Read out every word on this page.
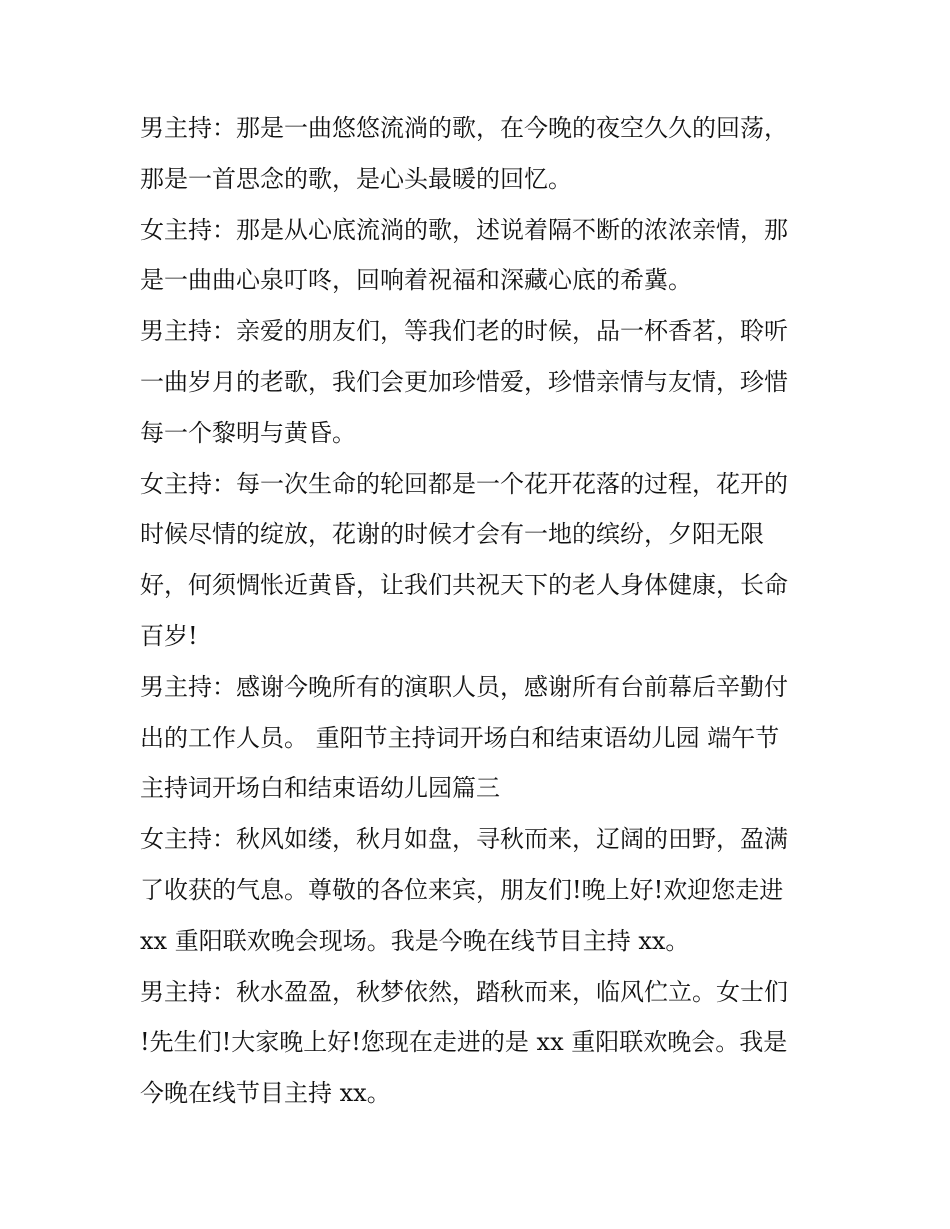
男主持：那是一曲悠悠流淌的歌，在今晚的夜空久久的回荡，
那是一首思念的歌，是心头最暖的回忆。

女主持：那是从心底流淌的歌，述说着隔不断的浓浓亲情，那
是一曲曲心泉叮咚，回响着祝福和深藏心底的希冀。

男主持：亲爱的朋友们，等我们老的时候，品一杯香茗，聆听
一曲岁月的老歌，我们会更加珍惜爱，珍惜亲情与友情，珍惜
每一个黎明与黄昏。

女主持：每一次生命的轮回都是一个花开花落的过程，花开的
时候尽情的绽放，花谢的时候才会有一地的缤纷，夕阳无限
好，何须惆怅近黄昏，让我们共祝天下的老人身体健康，长命
百岁!

男主持：感谢今晚所有的演职人员，感谢所有台前幕后辛勤付
出的工作人员。 重阳节主持词开场白和结束语幼儿园 端午节
主持词开场白和结束语幼儿园篇三

女主持：秋风如缕，秋月如盘，寻秋而来，辽阔的田野，盈满
了收获的气息。尊敬的各位来宾，朋友们!晚上好!欢迎您走进
xx 重阳联欢晚会现场。我是今晚在线节目主持 xx。

男主持：秋水盈盈，秋梦依然，踏秋而来，临风伫立。女士们
!先生们!大家晚上好!您现在走进的是 xx 重阳联欢晚会。我是
今晚在线节目主持 xx。
